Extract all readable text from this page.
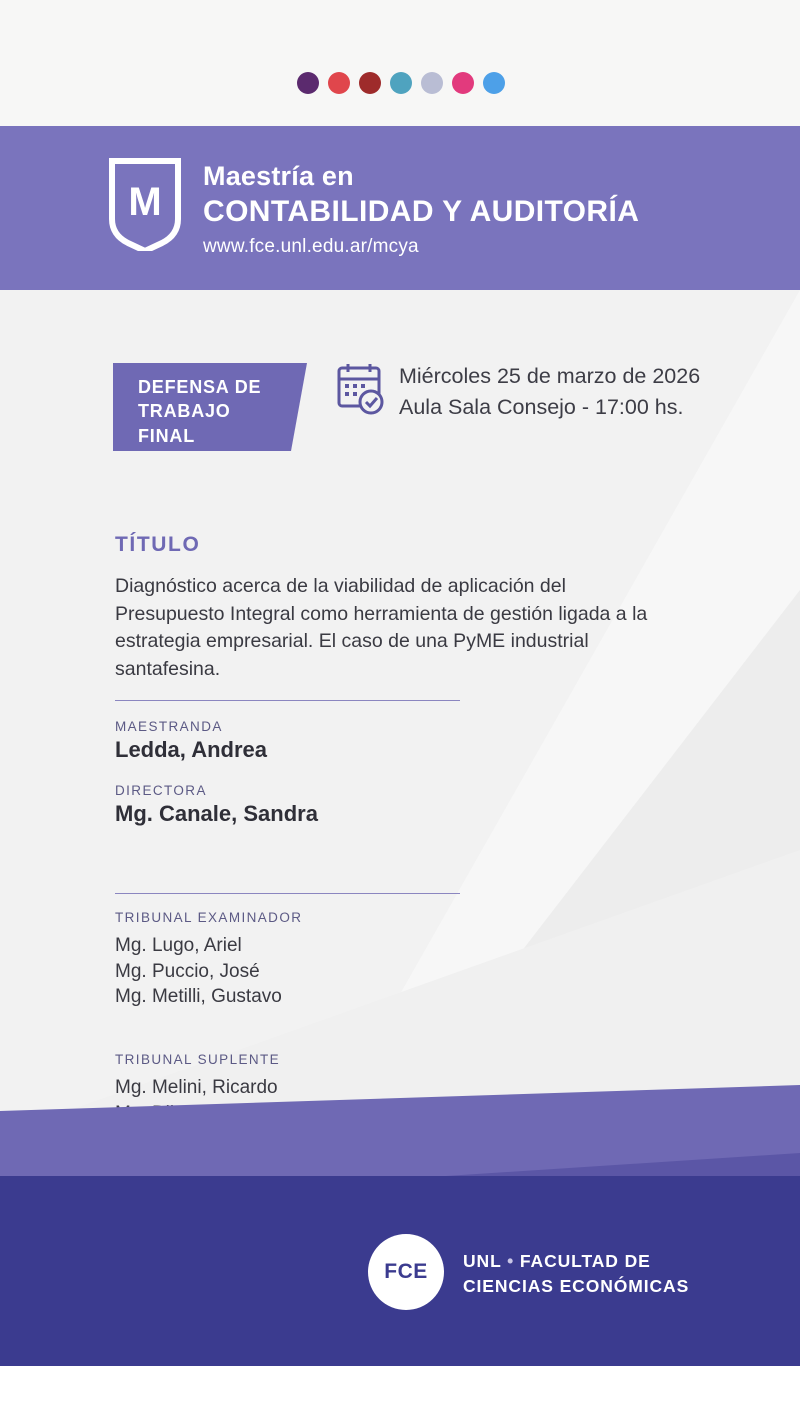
M
Maestría en
CONTABILIDAD Y AUDITORÍA
www.fce.unl.edu.ar/mcya
DEFENSA DE
TRABAJO
FINAL
Miércoles 25 de marzo de 2026
Aula Sala Consejo - 17:00 hs.
TÍTULO
Diagnóstico acerca de la viabilidad de aplicación del Presupuesto Integral como herramienta de gestión ligada a la estrategia empresarial. El caso de una PyME industrial santafesina.
MAESTRANDA
Ledda, Andrea
DIRECTORA
Mg. Canale, Sandra
TRIBUNAL EXAMINADOR
Mg. Lugo, Ariel
Mg. Puccio, José
Mg. Metilli, Gustavo
TRIBUNAL SUPLENTE
Mg. Melini, Ricardo
FCE	UNL • FACULTAD DE
CIENCIAS ECONÓMICAS
